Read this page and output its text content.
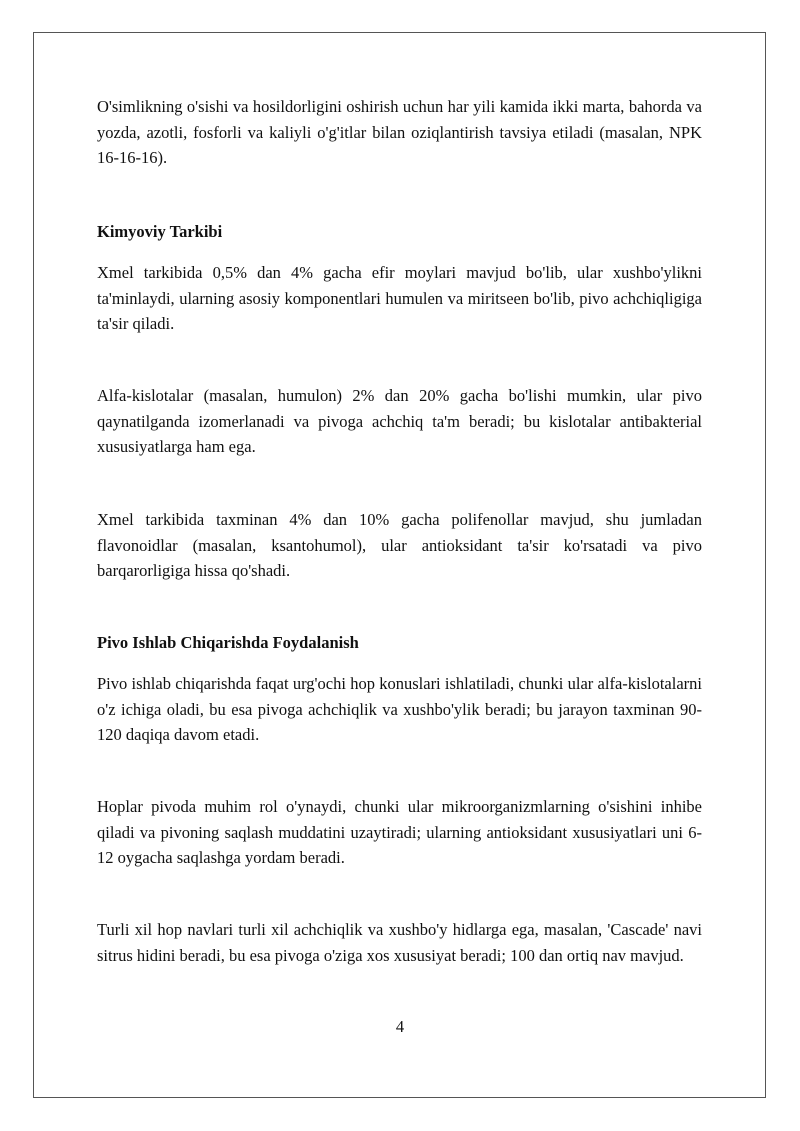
O'simlikning o'sishi va hosildorligini oshirish uchun har yili kamida ikki marta, bahorda va yozda, azotli, fosforli va kaliyli o'g'itlar bilan oziqlantirish tavsiya etiladi (masalan, NPK 16-16-16).

Kimyoviy Tarkibi

Xmel tarkibida 0,5% dan 4% gacha efir moylari mavjud bo'lib, ular xushbo'ylikni ta'minlaydi, ularning asosiy komponentlari humulen va miritseen bo'lib, pivo achchiqligiga ta'sir qiladi.

Alfa-kislotalar (masalan, humulon) 2% dan 20% gacha bo'lishi mumkin, ular pivo qaynatilganda izomerlanadi va pivoga achchiq ta'm beradi; bu kislotalar antibakterial xususiyatlarga ham ega.

Xmel tarkibida taxminan 4% dan 10% gacha polifenollar mavjud, shu jumladan flavonoidlar (masalan, ksantohumol), ular antioksidant ta'sir ko'rsatadi va pivo barqarorligiga hissa qo'shadi.

Pivo Ishlab Chiqarishda Foydalanish

Pivo ishlab chiqarishda faqat urg'ochi hop konuslari ishlatiladi, chunki ular alfa-kislotalarni o'z ichiga oladi, bu esa pivoga achchiqlik va xushbo'ylik beradi; bu jarayon taxminan 90-120 daqiqa davom etadi.

Hoplar pivoda muhim rol o'ynaydi, chunki ular mikroorganizmlarning o'sishini inhibe qiladi va pivoning saqlash muddatini uzaytiradi; ularning antioksidant xususiyatlari uni 6-12 oygacha saqlashga yordam beradi.

Turli xil hop navlari turli xil achchiqlik va xushbo'y hidlarga ega, masalan, 'Cascade' navi sitrus hidini beradi, bu esa pivoga o'ziga xos xususiyat beradi; 100 dan ortiq nav mavjud.

4
